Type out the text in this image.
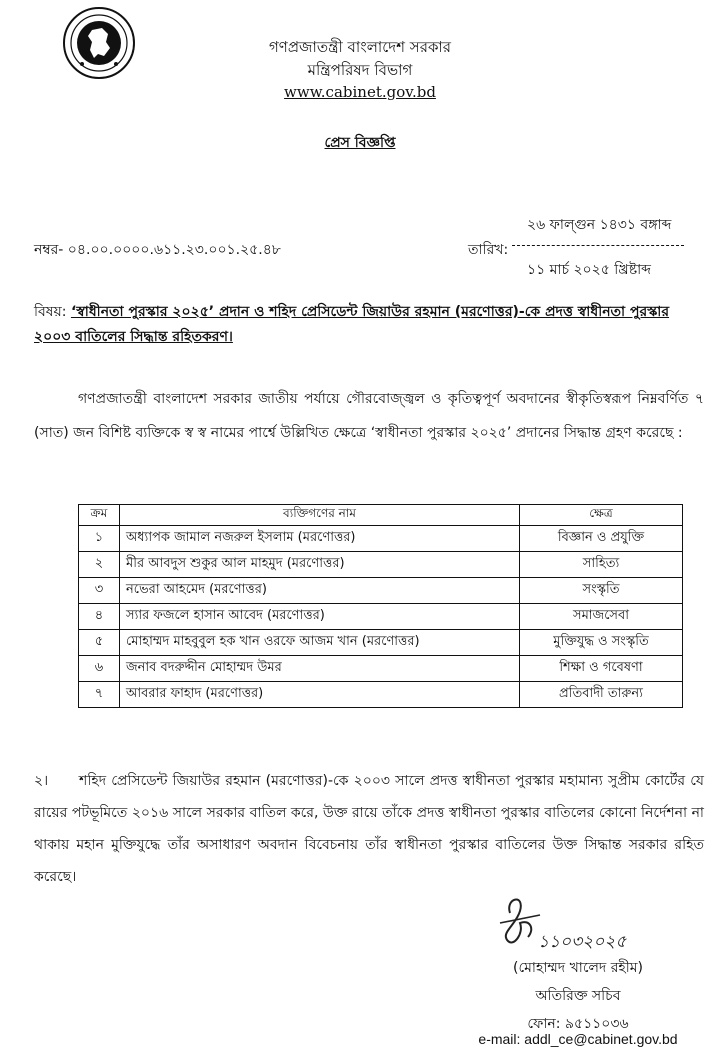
গণপ্রজাতন্ত্রী বাংলাদেশ সরকার
মন্ত্রিপরিষদ বিভাগ
www.cabinet.gov.bd
প্রেস বিজ্ঞপ্তি
২৬ ফাল্গুন ১৪৩১ বঙ্গাব্দ
নম্বর- ০৪.০০.০০০০.৬১১.২৩.০০১.২৫.৪৮	তারিখ:
১১ মার্চ ২০২৫ খ্রিষ্টাব্দ
বিষয়: ‘স্বাধীনতা পুরস্কার ২০২৫’ প্রদান ও শহিদ প্রেসিডেন্ট জিয়াউর রহমান (মরণোত্তর)-কে প্রদত্ত স্বাধীনতা পুরস্কার ২০০৩ বাতিলের সিদ্ধান্ত রহিতকরণ।
গণপ্রজাতন্ত্রী বাংলাদেশ সরকার জাতীয় পর্যায়ে গৌরবোজ্জ্বল ও কৃতিত্বপূর্ণ অবদানের স্বীকৃতিস্বরূপ নিম্নবর্ণিত ৭ (সাত) জন বিশিষ্ট ব্যক্তিকে স্ব স্ব নামের পার্শ্বে উল্লিখিত ক্ষেত্রে ‘স্বাধীনতা পুরস্কার ২০২৫’ প্রদানের সিদ্ধান্ত গ্রহণ করেছে :
ক্রম	ব্যক্তিগণের নাম	ক্ষেত্র
১	অধ্যাপক জামাল নজরুল ইসলাম (মরণোত্তর)	বিজ্ঞান ও প্রযুক্তি
২	মীর আবদুস শুকুর আল মাহমুদ (মরণোত্তর)	সাহিত্য
৩	নভেরা আহমেদ (মরণোত্তর)	সংস্কৃতি
৪	স্যার ফজলে হাসান আবেদ (মরণোত্তর)	সমাজসেবা
৫	মোহাম্মদ মাহবুবুল হক খান ওরফে আজম খান (মরণোত্তর)	মুক্তিযুদ্ধ ও সংস্কৃতি
৬	জনাব বদরুদ্দীন মোহাম্মদ উমর	শিক্ষা ও গবেষণা
৭	আবরার ফাহাদ (মরণোত্তর)	প্রতিবাদী তারুন্য
২। শহিদ প্রেসিডেন্ট জিয়াউর রহমান (মরণোত্তর)-কে ২০০৩ সালে প্রদত্ত স্বাধীনতা পুরস্কার মহামান্য সুপ্রীম কোর্টের যে রায়ের পটভূমিতে ২০১৬ সালে সরকার বাতিল করে, উক্ত রায়ে তাঁকে প্রদত্ত স্বাধীনতা পুরস্কার বাতিলের কোনো নির্দেশনা না থাকায় মহান মুক্তিযুদ্ধে তাঁর অসাধারণ অবদান বিবেচনায় তাঁর স্বাধীনতা পুরস্কার বাতিলের উক্ত সিদ্ধান্ত সরকার রহিত করেছে।
১১০৩২০২৫
(মোহাম্মদ খালেদ রহীম)
অতিরিক্ত সচিব
ফোন: ৯৫১১০৩৬
e-mail: addl_ce@cabinet.gov.bd
